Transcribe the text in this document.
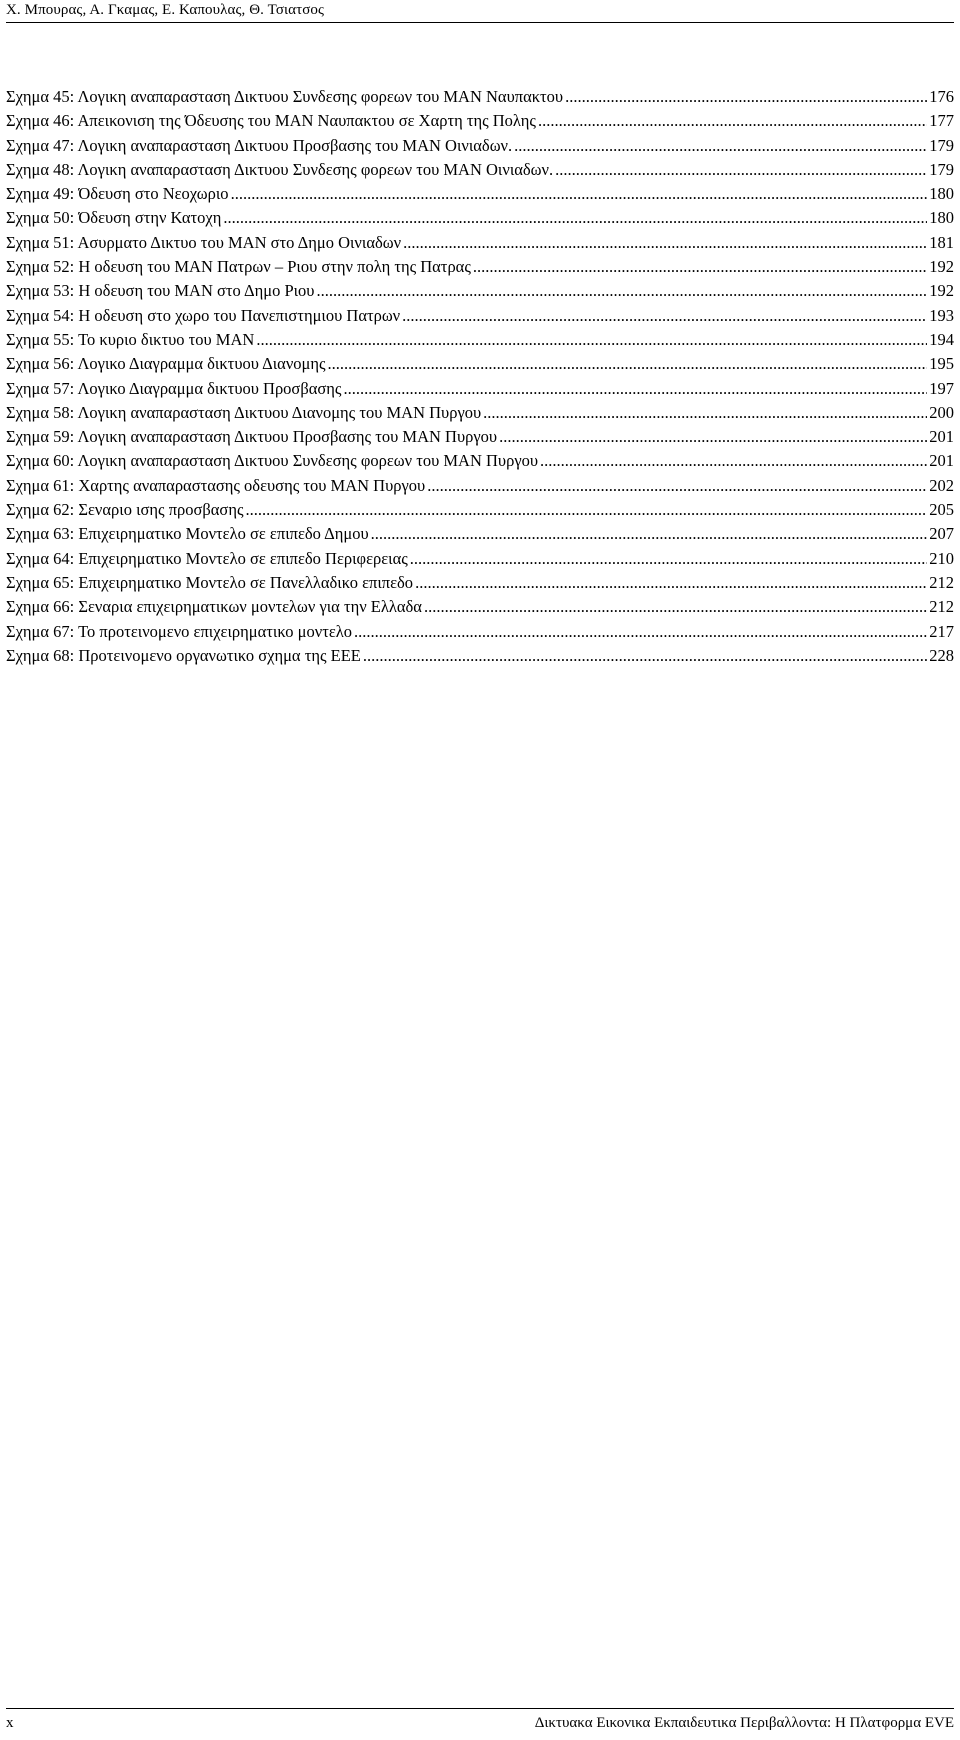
Χ. Μπουρας, Α. Γκαμας, Ε. Καπουλας, Θ. Τσιατσος
Σχημα 45: Λογικη αναπαρασταση Δικτυου Συνδεσης φορεων του MAN Ναυπακτου .....	176
Σχημα 46: Απεικονιση της Όδευσης του MAN Ναυπακτου σε Χαρτη της Πολης .....	177
Σχημα 47: Λογικη αναπαρασταση Δικτυου Προσβασης του MAN Οινιαδων. .....	179
Σχημα 48: Λογικη αναπαρασταση Δικτυου Συνδεσης φορεων του MAN Οινιαδων. .....	179
Σχημα 49: Όδευση στο Νεοχωριο .....	180
Σχημα 50: Όδευση στην Κατοχη .....	180
Σχημα 51: Ασυρματο Δικτυο του MAN στο Δημο Οινιαδων .....	181
Σχημα 52: Η οδευση του MAN Πατρων – Ριου στην πολη της Πατρας .....	192
Σχημα 53: Η οδευση του MAN στο Δημο Ριου .....	192
Σχημα 54: Η οδευση στο χωρο του Πανεπιστημιου Πατρων .....	193
Σχημα 55: Το κυριο δικτυο του MAN .....	194
Σχημα 56: Λογικο Διαγραμμα δικτυου Διανομης .....	195
Σχημα 57: Λογικο Διαγραμμα δικτυου Προσβασης .....	197
Σχημα 58: Λογικη αναπαρασταση Δικτυου Διανομης του MAN Πυργου .....	200
Σχημα 59: Λογικη αναπαρασταση Δικτυου Προσβασης του MAN Πυργου .....	201
Σχημα 60: Λογικη αναπαρασταση Δικτυου Συνδεσης φορεων του MAN Πυργου .....	201
Σχημα 61: Χαρτης αναπαραστασης οδευσης του MAN Πυργου .....	202
Σχημα 62: Σεναριο ισης προσβασης .....	205
Σχημα 63: Επιχειρηματικο Μοντελο σε επιπεδο Δημου .....	207
Σχημα 64: Επιχειρηματικο Μοντελο σε επιπεδο Περιφερειας .....	210
Σχημα 65: Επιχειρηματικο Μοντελο σε Πανελλαδικο επιπεδο .....	212
Σχημα 66: Σεναρια επιχειρηματικων μοντελων για την Ελλαδα .....	212
Σχημα 67: Το προτεινομενο επιχειρηματικο μοντελο .....	217
Σχημα 68: Προτεινομενο οργανωτικο σχημα της ΕΕΕ .....	228
x	Δικτυακα Εικονικα Εκπαιδευτικα Περιβαλλοντα: Η Πλατφορμα EVE
